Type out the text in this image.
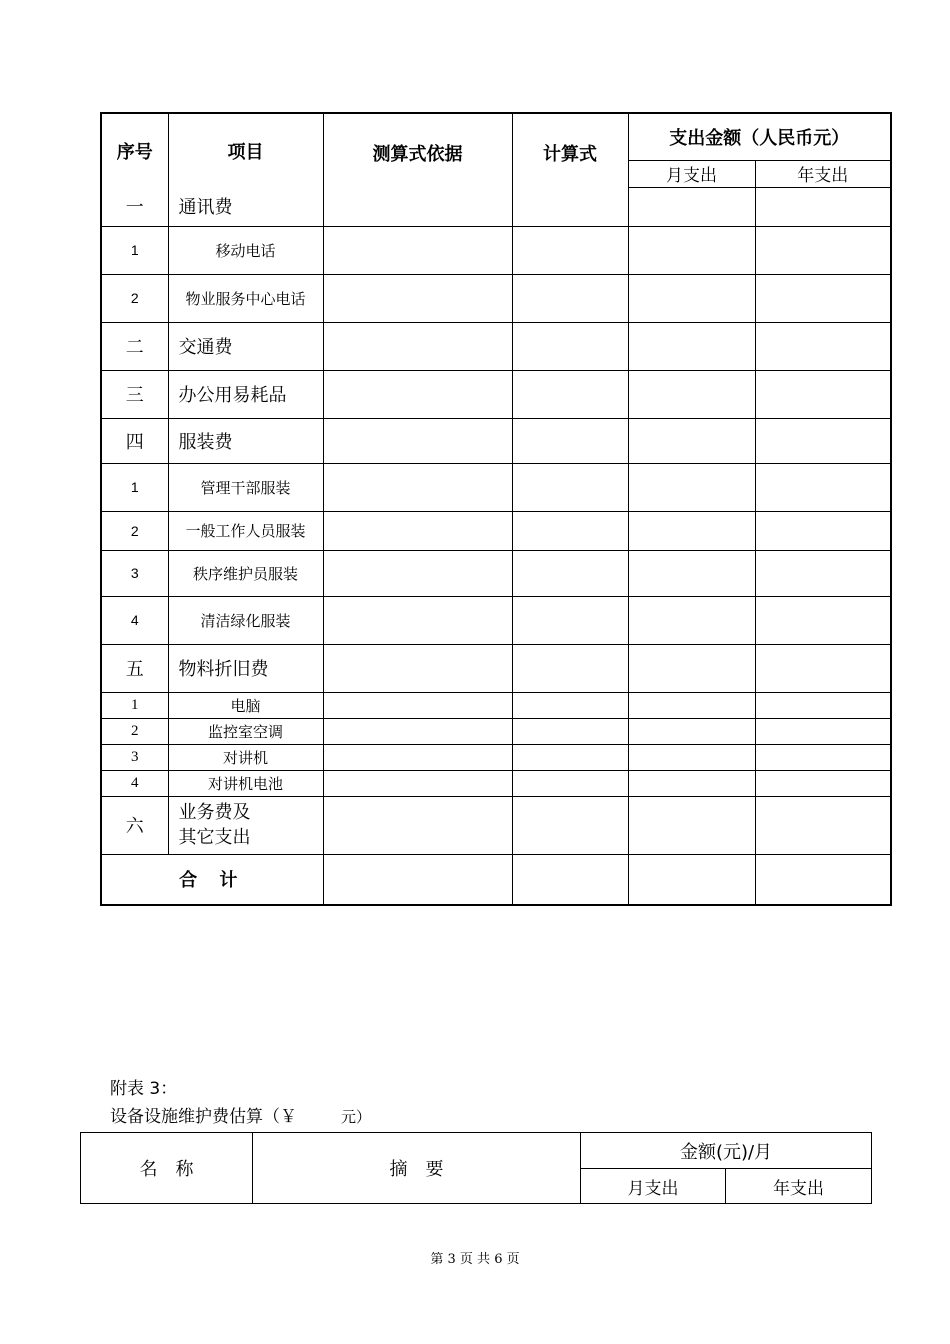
序号	项目	测算式依据	计算式	支出金额（人民币元）	
				月支出	年支出
一	通讯费				
1	移动电话				
2	物业服务中心电话				
二	交通费				
三	办公用易耗品				
四	服装费				
1	管理干部服装				
2	一般工作人员服装				
3	秩序维护员服装				
4	清洁绿化服装				
五	物料折旧费				
1	电脑				
2	监控室空调				
3	对讲机				
4	对讲机电池				
六	业务费及
其它支出				
合 计					
附表 3：
设备设施维护费估算（￥	元）
名　称	摘　要	金额(元)/月	
		月支出	年支出
第 3 页 共 6 页
